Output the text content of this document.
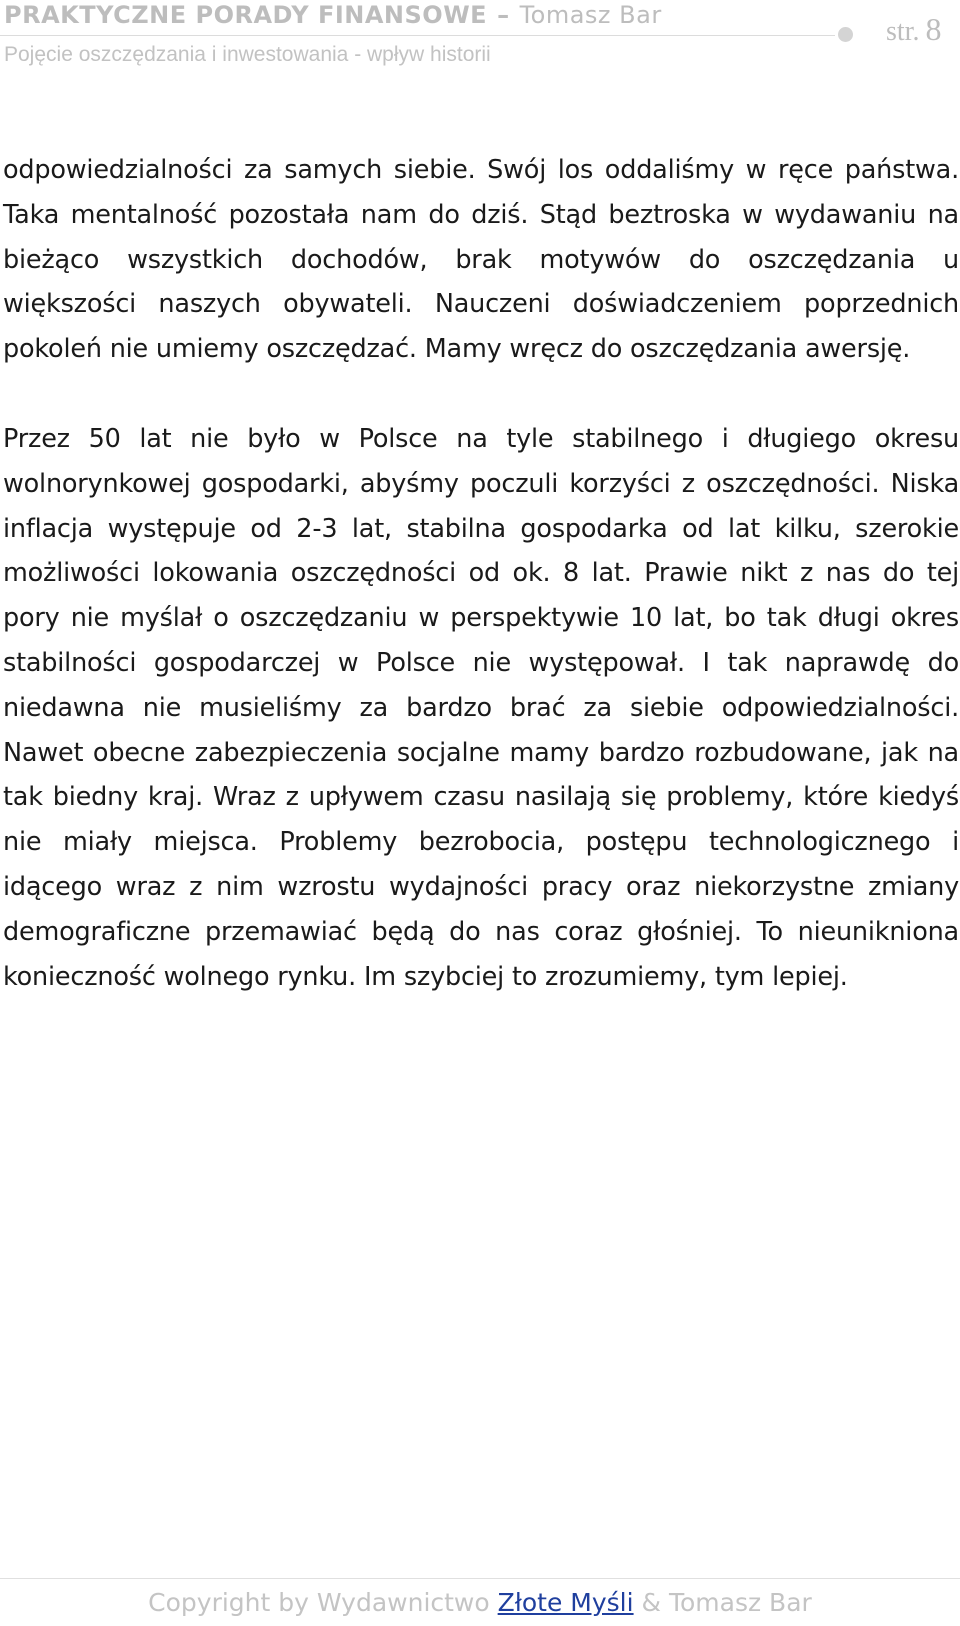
PRAKTYCZNE PORADY FINANSOWE – Tomasz Bar
Pojęcie oszczędzania i inwestowania - wpływ historii
str. 8

odpowiedzialności za samych siebie. Swój los oddaliśmy w ręce państwa. Taka mentalność pozostała nam do dziś. Stąd beztroska w wydawaniu na bieżąco wszystkich dochodów, brak motywów do oszczędzania u większości naszych obywateli. Nauczeni doświadczeniem poprzednich pokoleń nie umiemy oszczędzać. Mamy wręcz do oszczędzania awersję.

Przez 50 lat nie było w Polsce na tyle stabilnego i długiego okresu wolnorynkowej gospodarki, abyśmy poczuli korzyści z oszczędności. Niska inflacja występuje od 2-3 lat, stabilna gospodarka od lat kilku, szerokie możliwości lokowania oszczędności od ok. 8 lat. Prawie nikt z nas do tej pory nie myślał o oszczędzaniu w perspektywie 10 lat, bo tak długi okres stabilności gospodarczej w Polsce nie występował. I tak naprawdę do niedawna nie musieliśmy za bardzo brać za siebie odpowiedzialności. Nawet obecne zabezpieczenia socjalne mamy bardzo rozbudowane, jak na tak biedny kraj. Wraz z upływem czasu nasilają się problemy, które kiedyś nie miały miejsca. Problemy bezrobocia, postępu technologicznego i idącego wraz z nim wzrostu wydajności pracy oraz niekorzystne zmiany demograficzne przemawiać będą do nas coraz głośniej. To nieunikniona konieczność wolnego rynku. Im szybciej to zrozumiemy, tym lepiej.

Copyright by Wydawnictwo Złote Myśli & Tomasz Bar
